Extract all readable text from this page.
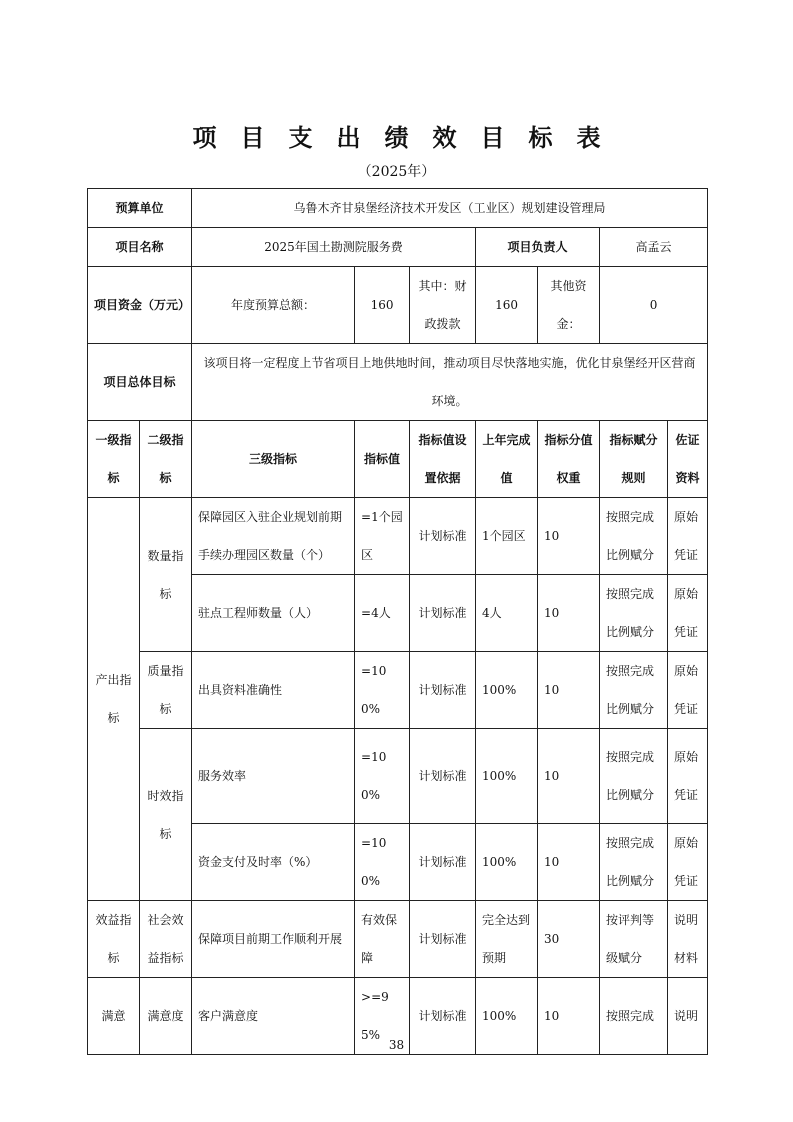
项目支出绩效目标表
（2025年）
预算单位		乌鲁木齐甘泉堡经济技术开发区（工业区）规划建设管理局						
项目名称		2025年国土勘测院服务费			项目负责人		高孟云	
项目资金（万元）		年度预算总额：	160	其中：财政拨款	160	其他资金：	0	
项目总体目标		该项目将一定程度上节省项目上地供地时间，推动项目尽快落地实施，优化甘泉堡经开区营商环境。						
一级指标	二级指标	三级指标	指标值	指标值设置依据	上年完成值	指标分值权重	指标赋分规则	佐证资料
产出指标	数量指标	保障园区入驻企业规划前期手续办理园区数量（个）	=1个园区	计划标准	1个园区	10	按照完成比例赋分	原始凭证
		驻点工程师数量（人）	=4人	计划标准	4人	10	按照完成比例赋分	原始凭证
	质量指标	出具资料准确性	=100%	计划标准	100%	10	按照完成比例赋分	原始凭证
	时效指标	服务效率	=100%	计划标准	100%	10	按照完成比例赋分	原始凭证
		资金支付及时率（%）	=100%	计划标准	100%	10	按照完成比例赋分	原始凭证
效益指标	社会效益指标	保障项目前期工作顺利开展	有效保障	计划标准	完全达到预期	30	按评判等级赋分	说明材料
满意	满意度	客户满意度	>=95%	计划标准	100%	10	按照完成	说明
38
